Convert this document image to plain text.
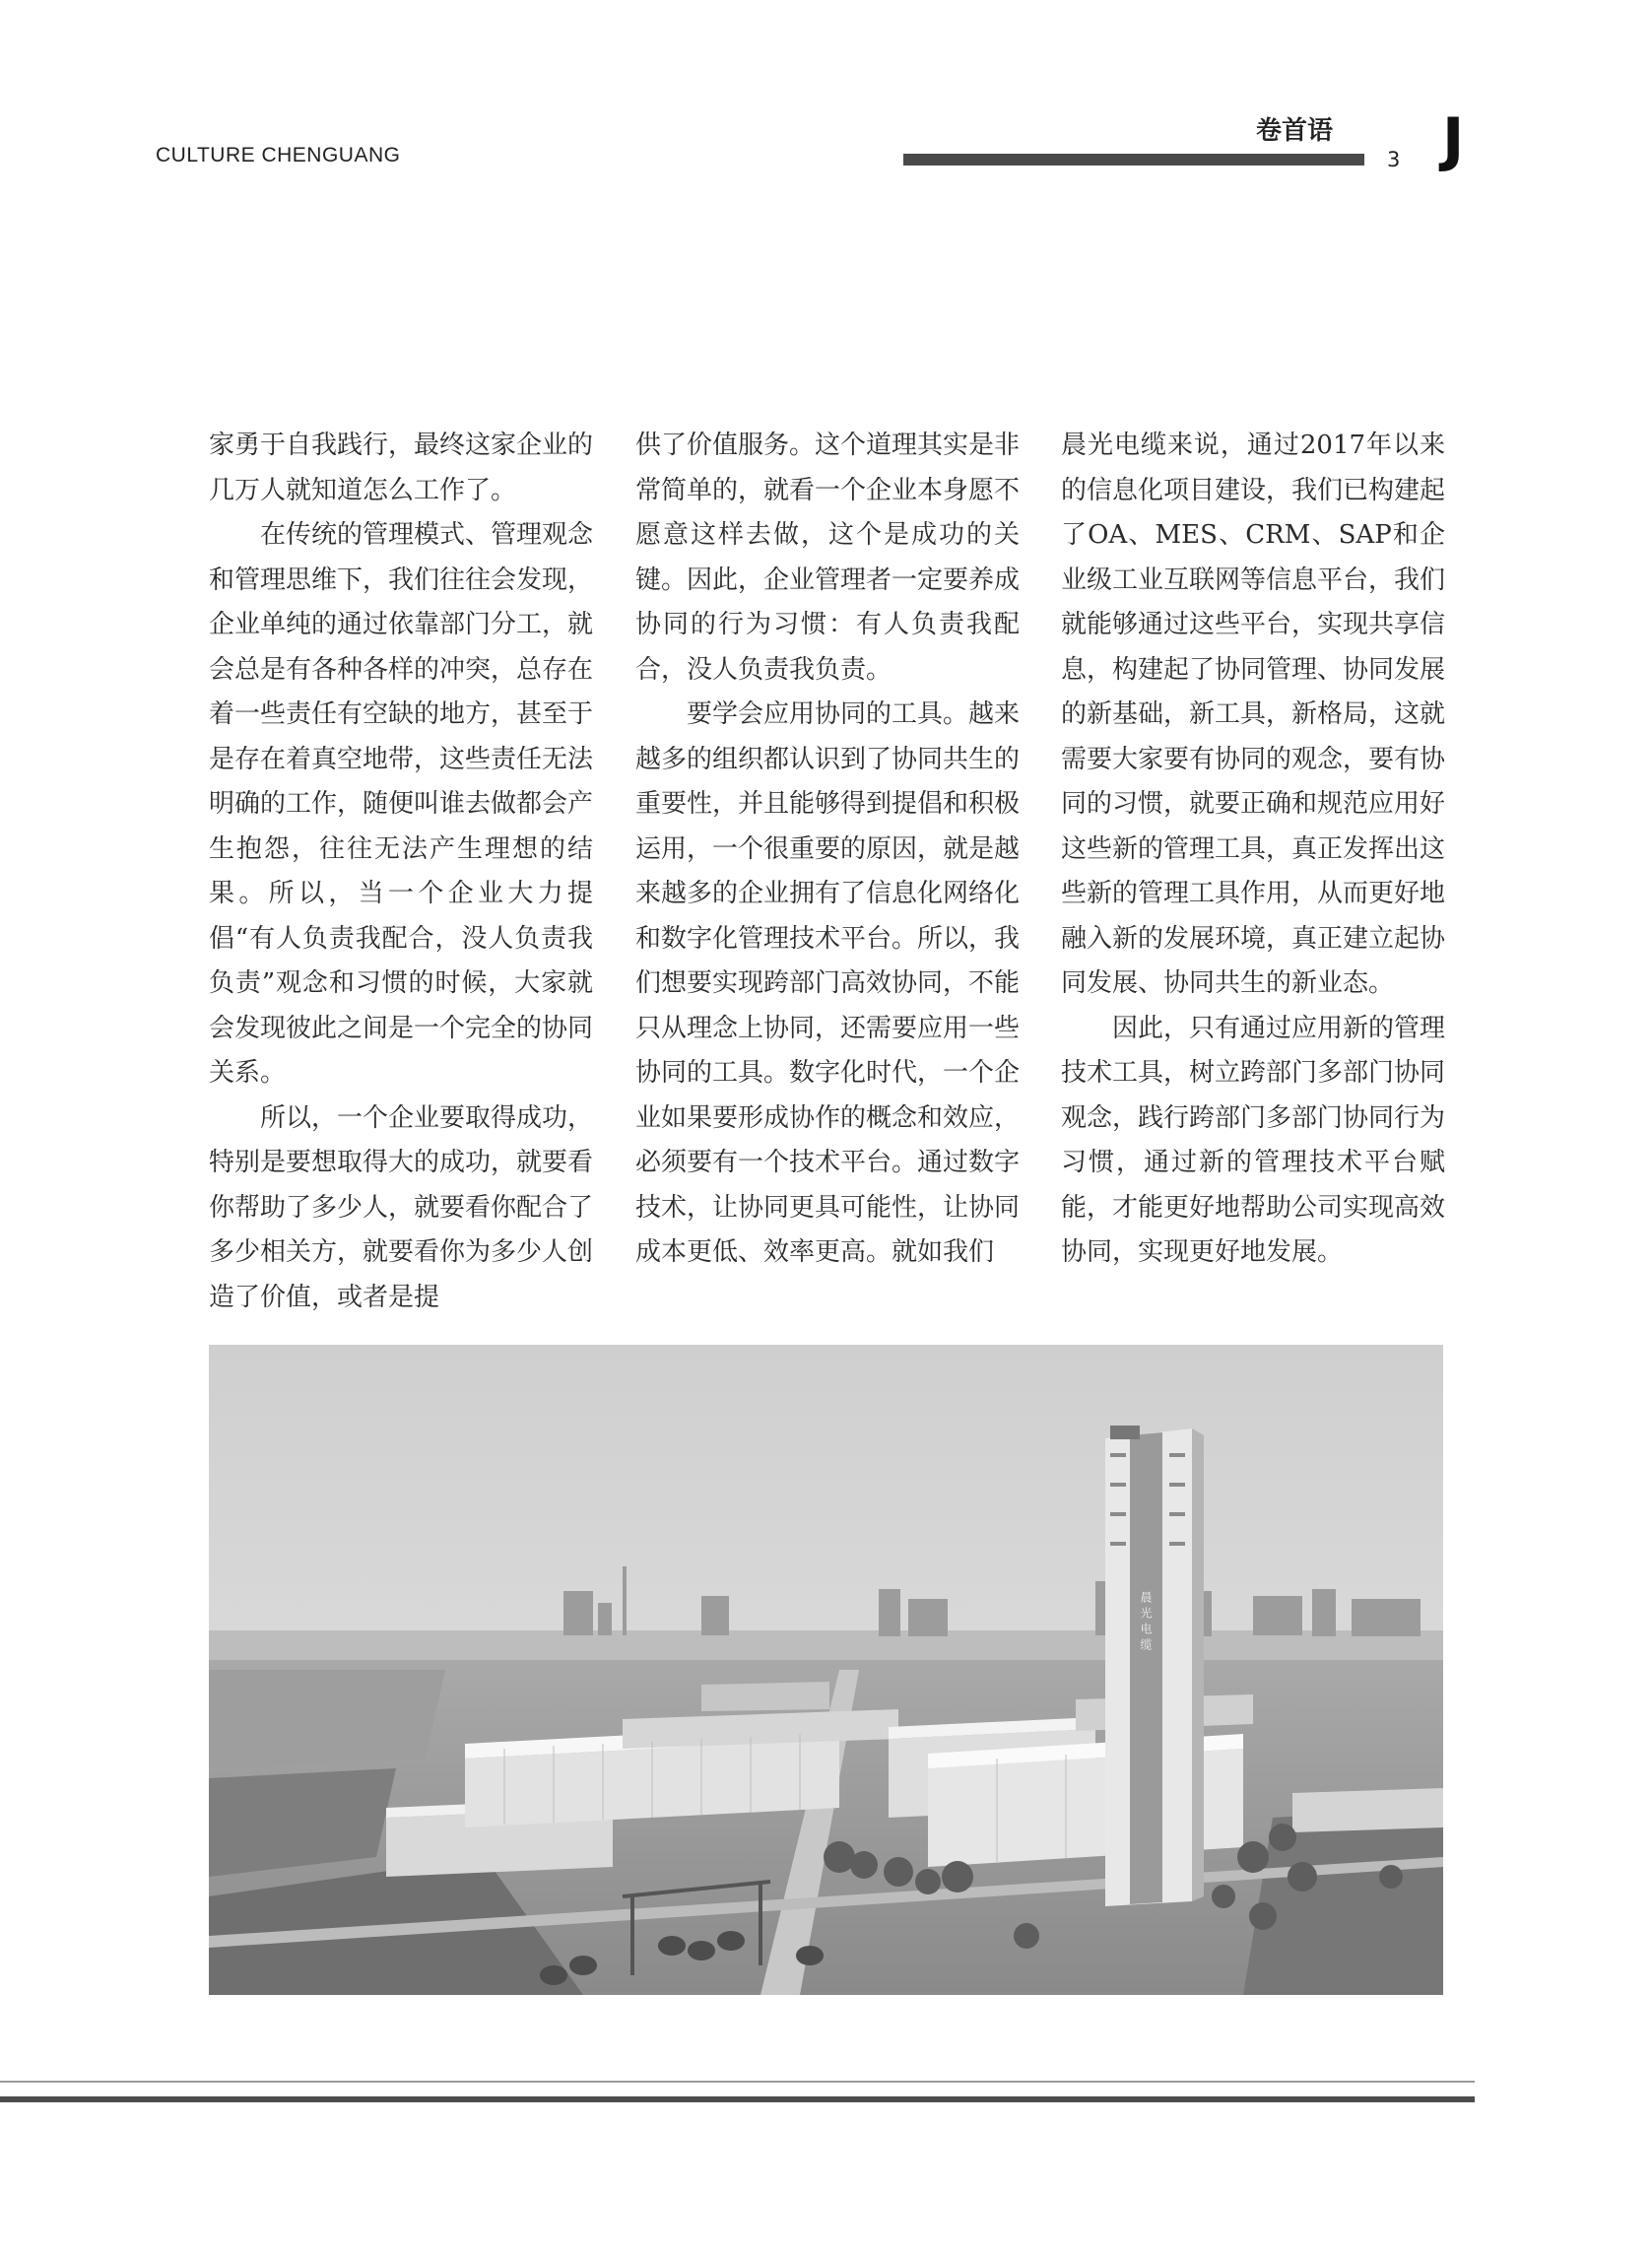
CULTURE CHENGUANG
卷首语
3 J

家勇于自我践行，最终这家企业的几万人就知道怎么工作了。

在传统的管理模式、管理观念和管理思维下，我们往往会发现，企业单纯的通过依靠部门分工，就会总是有各种各样的冲突，总存在着一些责任有空缺的地方，甚至于是存在着真空地带，这些责任无法明确的工作，随便叫谁去做都会产生抱怨，往往无法产生理想的结果。所以，当一个企业大力提倡“有人负责我配合，没人负责我负责”观念和习惯的时候，大家就会发现彼此之间是一个完全的协同关系。

所以，一个企业要取得成功，特别是要想取得大的成功，就要看你帮助了多少人，就要看你配合了多少相关方，就要看你为多少人创造了价值，或者是提

供了价值服务。这个道理其实是非常简单的，就看一个企业本身愿不愿意这样去做，这个是成功的关键。因此，企业管理者一定要养成协同的行为习惯：有人负责我配合，没人负责我负责。

要学会应用协同的工具。越来越多的组织都认识到了协同共生的重要性，并且能够得到提倡和积极运用，一个很重要的原因，就是越来越多的企业拥有了信息化网络化和数字化管理技术平台。所以，我们想要实现跨部门高效协同，不能只从理念上协同，还需要应用一些协同的工具。数字化时代，一个企业如果要形成协作的概念和效应，必须要有一个技术平台。通过数字技术，让协同更具可能性，让协同成本更低、效率更高。就如我们

晨光电缆来说，通过2017年以来的信息化项目建设，我们已构建起了OA、MES、CRM、SAP和企业级工业互联网等信息平台，我们就能够通过这些平台，实现共享信息，构建起了协同管理、协同发展的新基础，新工具，新格局，这就需要大家要有协同的观念，要有协同的习惯，就要正确和规范应用好这些新的管理工具，真正发挥出这些新的管理工具作用，从而更好地融入新的发展环境，真正建立起协同发展、协同共生的新业态。

因此，只有通过应用新的管理技术工具，树立跨部门多部门协同观念，践行跨部门多部门协同行为习惯，通过新的管理技术平台赋能，才能更好地帮助公司实现高效协同，实现更好地发展。

晨光电缆
